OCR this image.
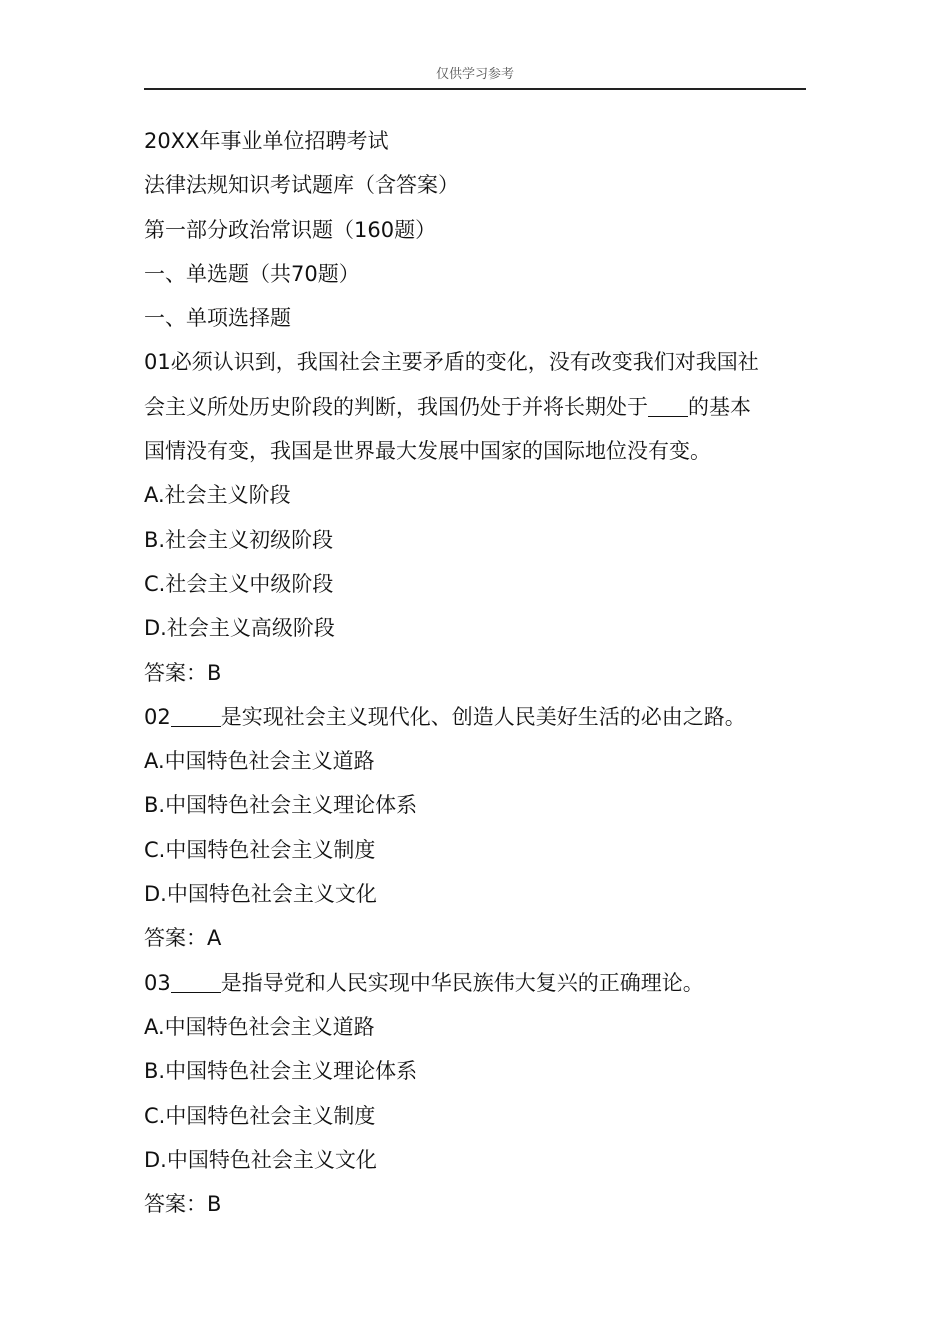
仅供学习参考
20XX年事业单位招聘考试
法律法规知识考试题库（含答案）
第一部分政治常识题（160题）
一、单选题（共70题）
一、单项选择题
01必须认识到，我国社会主要矛盾的变化，没有改变我们对我国社
会主义所处历史阶段的判断，我国仍处于并将长期处于 的基本
国情没有变，我国是世界最大发展中国家的国际地位没有变。
A.社会主义阶段
B.社会主义初级阶段
C.社会主义中级阶段
D.社会主义高级阶段
答案：B
02 是实现社会主义现代化、创造人民美好生活的必由之路。
A.中国特色社会主义道路
B.中国特色社会主义理论体系
C.中国特色社会主义制度
D.中国特色社会主义文化
答案：A
03 是指导党和人民实现中华民族伟大复兴的正确理论。
A.中国特色社会主义道路
B.中国特色社会主义理论体系
C.中国特色社会主义制度
D.中国特色社会主义文化
答案：B
